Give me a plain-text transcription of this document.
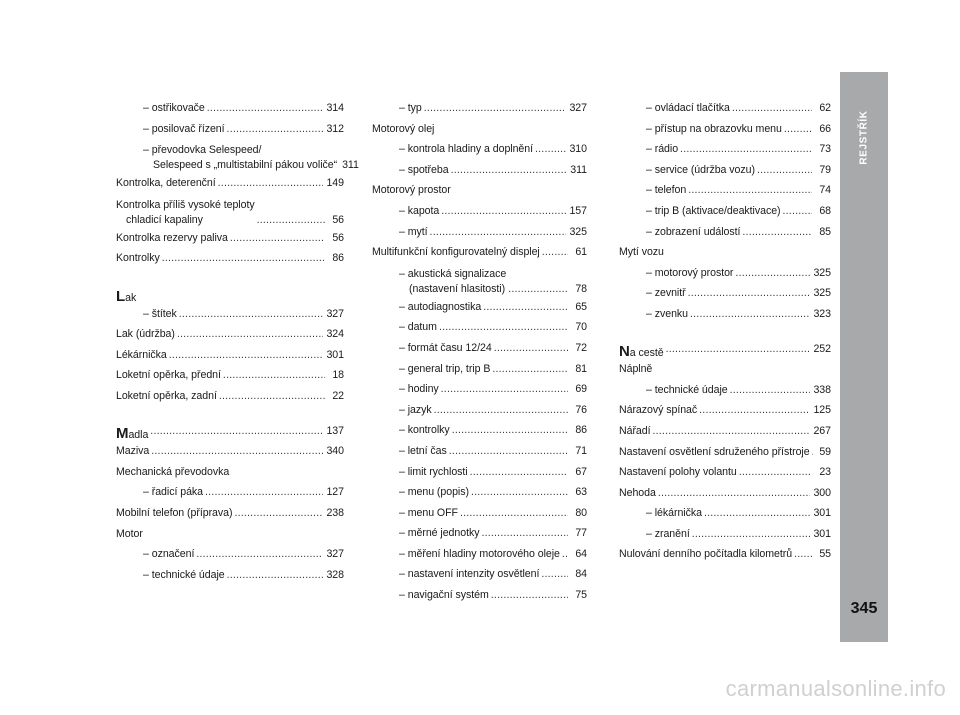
– ostřikovače .....	314
– posilovač řízení .....	312
– převodovka Selespeed/
Selespeed s „multistabilní pákou voliče“ 311
Kontrolka, deterenční .....	149
Kontrolka příliš vysoké teploty
chladicí kapaliny .....	56
Kontrolka rezervy paliva .....	56
Kontrolky .....	86
L ak
– štítek .....	327
Lak (údržba) .....	324
Lékárnička .....	301
Loketní opěrka, přední .....	18
Loketní opěrka, zadní .....	22
M adla .....	137
Maziva .....	340
Mechanická převodovka
– řadicí páka .....	127
Mobilní telefon (příprava) .....	238
Motor
– označení .....	327
– technické údaje .....	328
– typ .....	327
Motorový olej
– kontrola hladiny a doplnění .....	310
– spotřeba .....	311
Motorový prostor
– kapota .....	157
– mytí .....	325
Multifunkční konfigurovatelný displej .....	61
– akustická signalizace
(nastavení hlasitosti) .....	78
– autodiagnostika .....	65
– datum .....	70
– formát času 12/24 .....	72
– general trip, trip B .....	81
– hodiny .....	69
– jazyk .....	76
– kontrolky .....	86
– letní čas .....	71
– limit rychlosti .....	67
– menu (popis) .....	63
– menu OFF .....	80
– měrné jednotky .....	77
– měření hladiny motorového oleje .....	64
– nastavení intenzity osvětlení .....	84
– navigační systém .....	75
– ovládací tlačítka .....	62
– přístup na obrazovku menu .....	66
– rádio .....	73
– service (údržba vozu) .....	79
– telefon .....	74
– trip B (aktivace/deaktivace) .....	68
– zobrazení událostí .....	85
Mytí vozu
– motorový prostor .....	325
– zevnitř .....	325
– zvenku .....	323
N a cestě .....	252
Náplně
– technické údaje .....	338
Nárazový spínač .....	125
Nářadí .....	267
Nastavení osvětlení sdruženého přístroje ..... 59
Nastavení polohy volantu .....	23
Nehoda .....	300
– lékárnička .....	301
– zranění .....	301
Nulování denního počítadla kilometrů .....	55
REJSTŘÍK
345
carmanualsonline.info
